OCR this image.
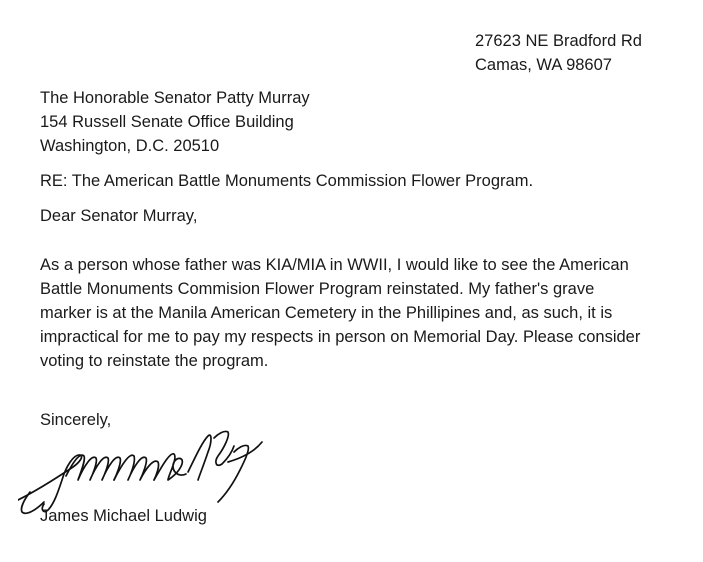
27623 NE Bradford Rd
Camas, WA 98607
The Honorable Senator Patty Murray
154 Russell Senate Office Building
Washington, D.C. 20510
RE: The American Battle Monuments Commission Flower Program.
Dear Senator Murray,
As a person whose father was KIA/MIA in WWII, I would like to see the American
Battle Monuments Commision Flower Program reinstated. My father's grave
marker is at the Manila American Cemetery in the Phillipines and, as such, it is
impractical for me to pay my respects in person on Memorial Day. Please consider
voting to reinstate the program.
Sincerely,
James Michael Ludwig
